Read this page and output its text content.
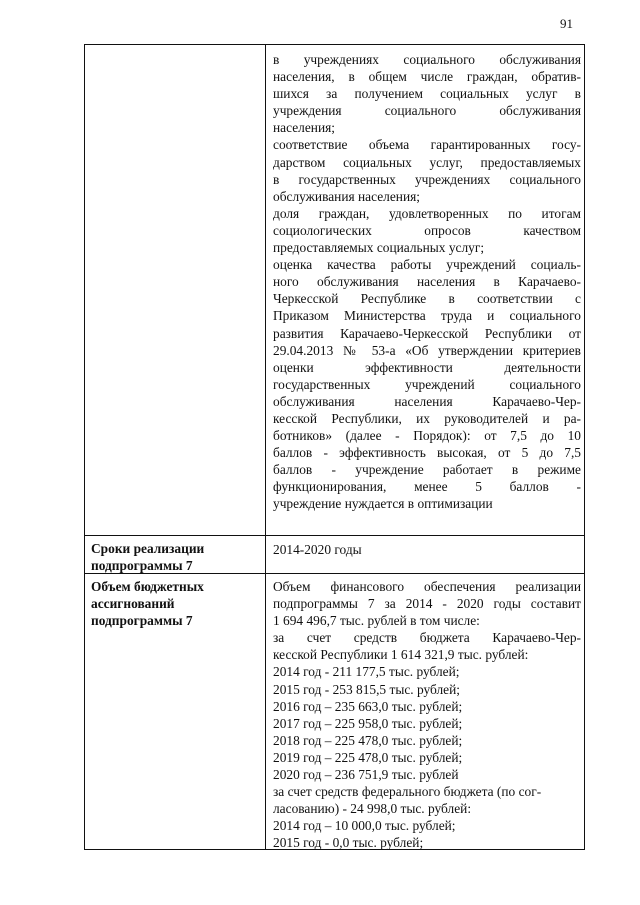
91
в учреждениях социального обслуживания
населения, в общем числе граждан, обратив-
шихся за получением социальных услуг в
учреждения социального обслуживания
населения;
соответствие объема гарантированных госу-
дарством социальных услуг, предоставляемых
в государственных учреждениях социального
обслуживания населения;
доля граждан, удовлетворенных по итогам
социологических опросов качеством
предоставляемых социальных услуг;
оценка качества работы учреждений социаль-
ного обслуживания населения в Карачаево-
Черкесской Республике в соответствии с
Приказом Министерства труда и социального
развития Карачаево-Черкесской Республики от
29.04.2013 № 53-а «Об утверждении критериев
оценки эффективности деятельности
государственных учреждений социального
обслуживания населения Карачаево-Чер-
кесской Республики, их руководителей и ра-
ботников» (далее - Порядок): от 7,5 до 10
баллов - эффективность высокая, от 5 до 7,5
баллов - учреждение работает в режиме
функционирования, менее 5 баллов -
учреждение нуждается в оптимизации
Сроки реализации
подпрограммы 7
2014-2020 годы
Объем бюджетных
ассигнований
подпрограммы 7
Объем финансового обеспечения реализации
подпрограммы 7 за 2014 - 2020 годы составит
1 694 496,7 тыс. рублей в том числе:
за счет средств бюджета Карачаево-Чер-
кесской Республики 1 614 321,9 тыс. рублей:
2014 год - 211 177,5 тыс. рублей;
2015 год - 253 815,5 тыс. рублей;
2016 год – 235 663,0 тыс. рублей;
2017 год – 225 958,0 тыс. рублей;
2018 год – 225 478,0 тыс. рублей;
2019 год – 225 478,0 тыс. рублей;
2020 год – 236 751,9 тыс. рублей
за счет средств федерального бюджета (по сог-
ласованию) - 24 998,0 тыс. рублей:
2014 год – 10 000,0 тыс. рублей;
2015 год - 0,0 тыс. рублей;
